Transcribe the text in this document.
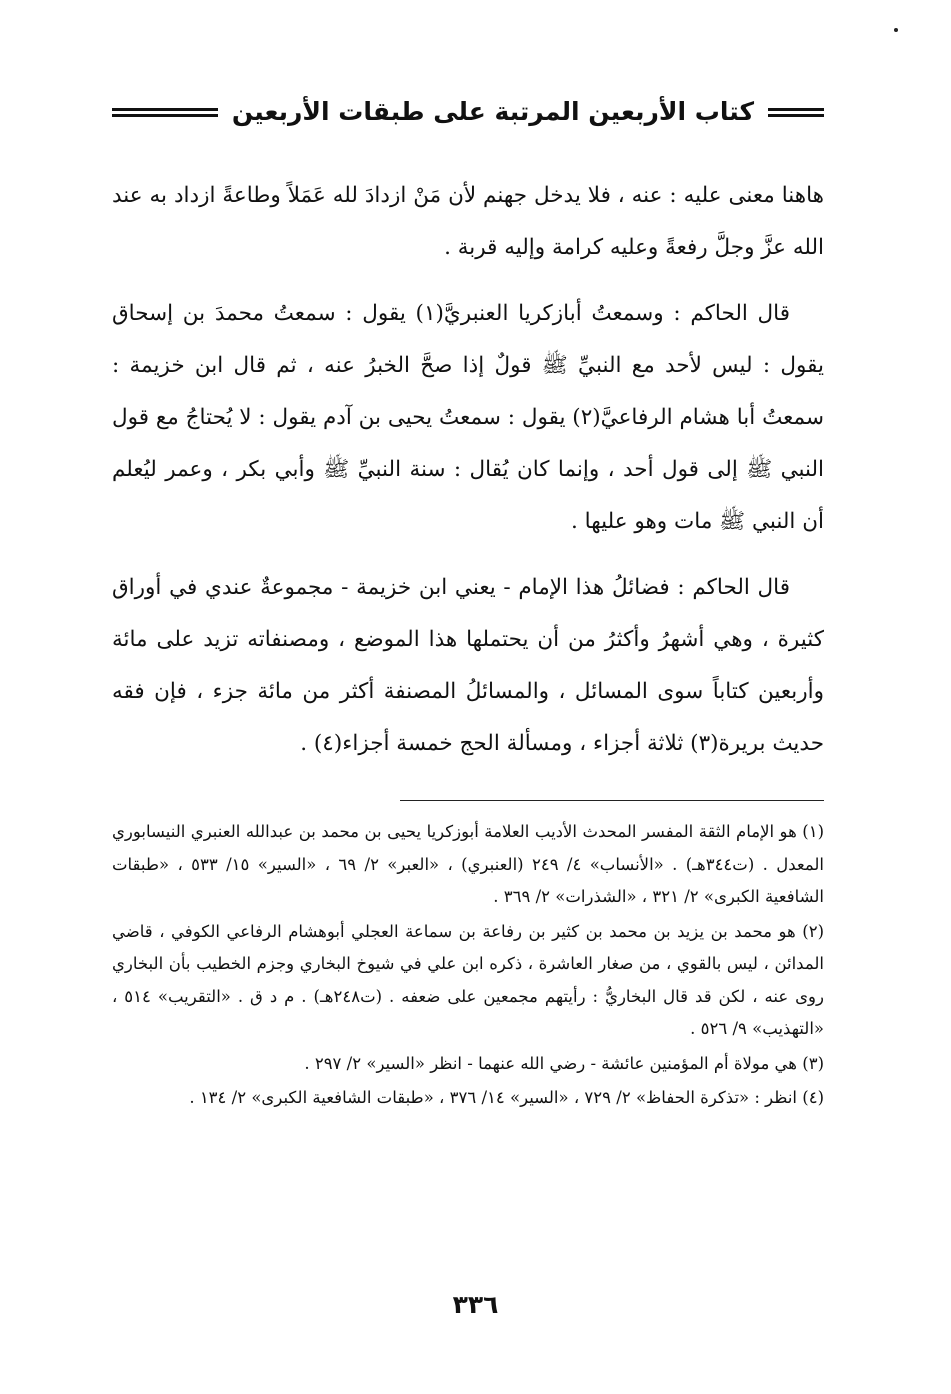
كتاب الأربعين المرتبة على طبقات الأربعين

هاهنا معنى عليه : عنه ، فلا يدخل جهنم لأن مَنْ ازدادَ لله عَمَلاً وطاعةً ازداد به عند الله عزَّ وجلَّ رفعةً وعليه كرامة وإليه قربة .

قال الحاكم : وسمعتُ أبازكريا العنبريَّ(١) يقول : سمعتُ محمدَ بن إسحاق يقول : ليس لأحد مع النبيِّ ﷺ قولٌ إذا صحَّ الخبرُ عنه ، ثم قال ابن خزيمة : سمعتُ أبا هشام الرفاعيَّ(٢) يقول : سمعتُ يحيى بن آدم يقول : لا يُحتاجُ مع قول النبي ﷺ إلى قول أحد ، وإنما كان يُقال : سنة النبيِّ ﷺ وأبي بكر ، وعمر ليُعلم أن النبي ﷺ مات وهو عليها .

قال الحاكم : فضائلُ هذا الإمام - يعني ابن خزيمة - مجموعةٌ عندي في أوراق كثيرة ، وهي أشهرُ وأكثرُ من أن يحتملها هذا الموضع ، ومصنفاته تزيد على مائة وأربعين كتاباً سوى المسائل ، والمسائلُ المصنفة أكثر من مائة جزء ، فإن فقه حديث بريرة(٣) ثلاثة أجزاء ، ومسألة الحج خمسة أجزاء(٤) .

(١) هو الإمام الثقة المفسر المحدث الأديب العلامة أبوزكريا يحيى بن محمد بن عبدالله العنبري النيسابوري المعدل . (ت٣٤٤هـ) . «الأنساب» ٤/ ٢٤٩ (العنبري) ، «العبر» ٢/ ٦٩ ، «السير» ١٥/ ٥٣٣ ، «طبقات الشافعية الكبرى» ٢/ ٣٢١ ، «الشذرات» ٢/ ٣٦٩ .

(٢) هو محمد بن يزيد بن محمد بن كثير بن رفاعة بن سماعة العجلي أبوهشام الرفاعي الكوفي ، قاضي المدائن ، ليس بالقوي ، من صغار العاشرة ، ذكره ابن علي في شيوخ البخاري وجزم الخطيب بأن البخاري روى عنه ، لكن قد قال البخاريُّ : رأيتهم مجمعين على ضعفه . (ت٢٤٨هـ) . م د ق . «التقريب» ٥١٤ ، «التهذيب» ٩/ ٥٢٦ .

(٣) هي مولاة أم المؤمنين عائشة - رضي الله عنهما - انظر «السير» ٢/ ٢٩٧ .

(٤) انظر : «تذكرة الحفاظ» ٢/ ٧٢٩ ، «السير» ١٤/ ٣٧٦ ، «طبقات الشافعية الكبرى» ٢/ ١٣٤ .

٣٣٦
